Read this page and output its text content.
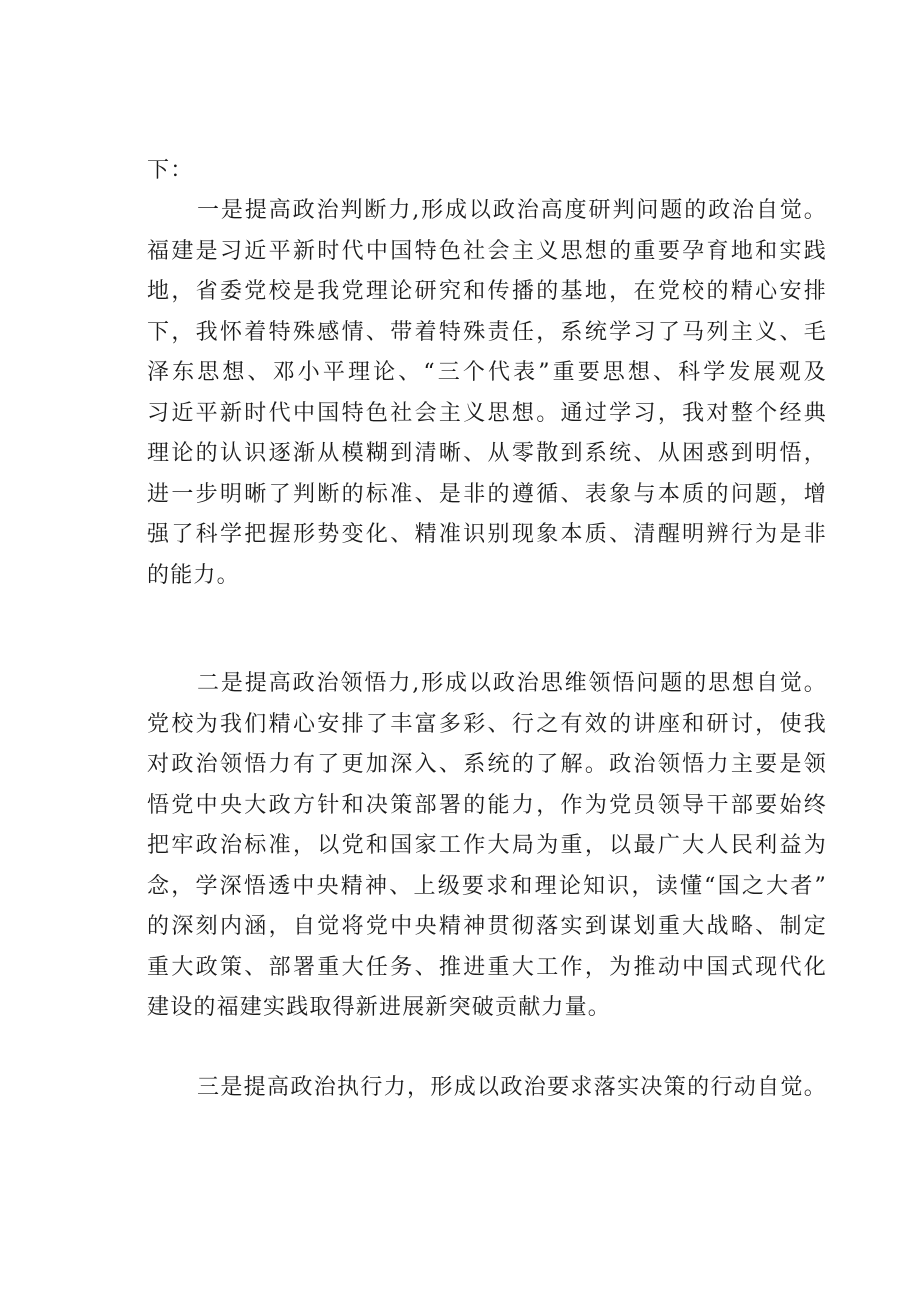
下：
一是提高政治判断力,形成以政治高度研判问题的政治自觉。
福建是习近平新时代中国特色社会主义思想的重要孕育地和实践
地，省委党校是我党理论研究和传播的基地，在党校的精心安排
下，我怀着特殊感情、带着特殊责任，系统学习了马列主义、毛
泽东思想、邓小平理论、“三个代表”重要思想、科学发展观及
习近平新时代中国特色社会主义思想。通过学习，我对整个经典
理论的认识逐渐从模糊到清晰、从零散到系统、从困惑到明悟，
进一步明晰了判断的标准、是非的遵循、表象与本质的问题，增
强了科学把握形势变化、精准识别现象本质、清醒明辨行为是非
的能力。
二是提高政治领悟力,形成以政治思维领悟问题的思想自觉。
党校为我们精心安排了丰富多彩、行之有效的讲座和研讨，使我
对政治领悟力有了更加深入、系统的了解。政治领悟力主要是领
悟党中央大政方针和决策部署的能力，作为党员领导干部要始终
把牢政治标准，以党和国家工作大局为重，以最广大人民利益为
念，学深悟透中央精神、上级要求和理论知识，读懂“国之大者”
的深刻内涵，自觉将党中央精神贯彻落实到谋划重大战略、制定
重大政策、部署重大任务、推进重大工作，为推动中国式现代化
建设的福建实践取得新进展新突破贡献力量。
三是提高政治执行力，形成以政治要求落实决策的行动自觉。
